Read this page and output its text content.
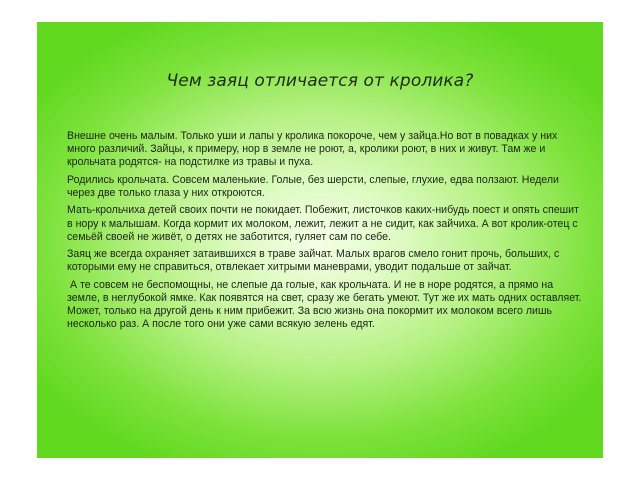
Чем заяц отличается от кролика?

Внешне очень малым. Только уши и лапы у кролика покороче, чем у зайца.Но вот в повадках у них много различий. Зайцы, к примеру, нор в земле не роют, а, кролики роют, в них и живут. Там же и крольчата родятся- на подстилке из травы и пуха.

Родились крольчата. Совсем маленькие. Голые, без шерсти, слепые, глухие, едва ползают. Недели через две только глаза у них откроются.

Мать-крольчиха детей своих почти не покидает. Побежит, листочков каких-нибудь поест и опять спешит в нору к малышам. Когда кормит их молоком, лежит, лежит а не сидит, как зайчиха. А вот кролик-отец с семьёй своей не живёт, о детях не заботится, гуляет сам по себе.

Заяц же всегда охраняет затаившихся в траве зайчат. Малых врагов смело гонит прочь, больших, с которыми ему не справиться, отвлекает хитрыми маневрами, уводит подальше от зайчат.

А те совсем не беспомощны, не слепые да голые, как крольчата. И не в норе родятся, а прямо на земле, в неглубокой ямке. Как появятся на свет, сразу же бегать умеют. Тут же их мать одних оставляет. Может, только на другой день к ним прибежит. За всю жизнь она покормит их молоком всего лишь несколько раз. А после того они уже сами всякую зелень едят.
